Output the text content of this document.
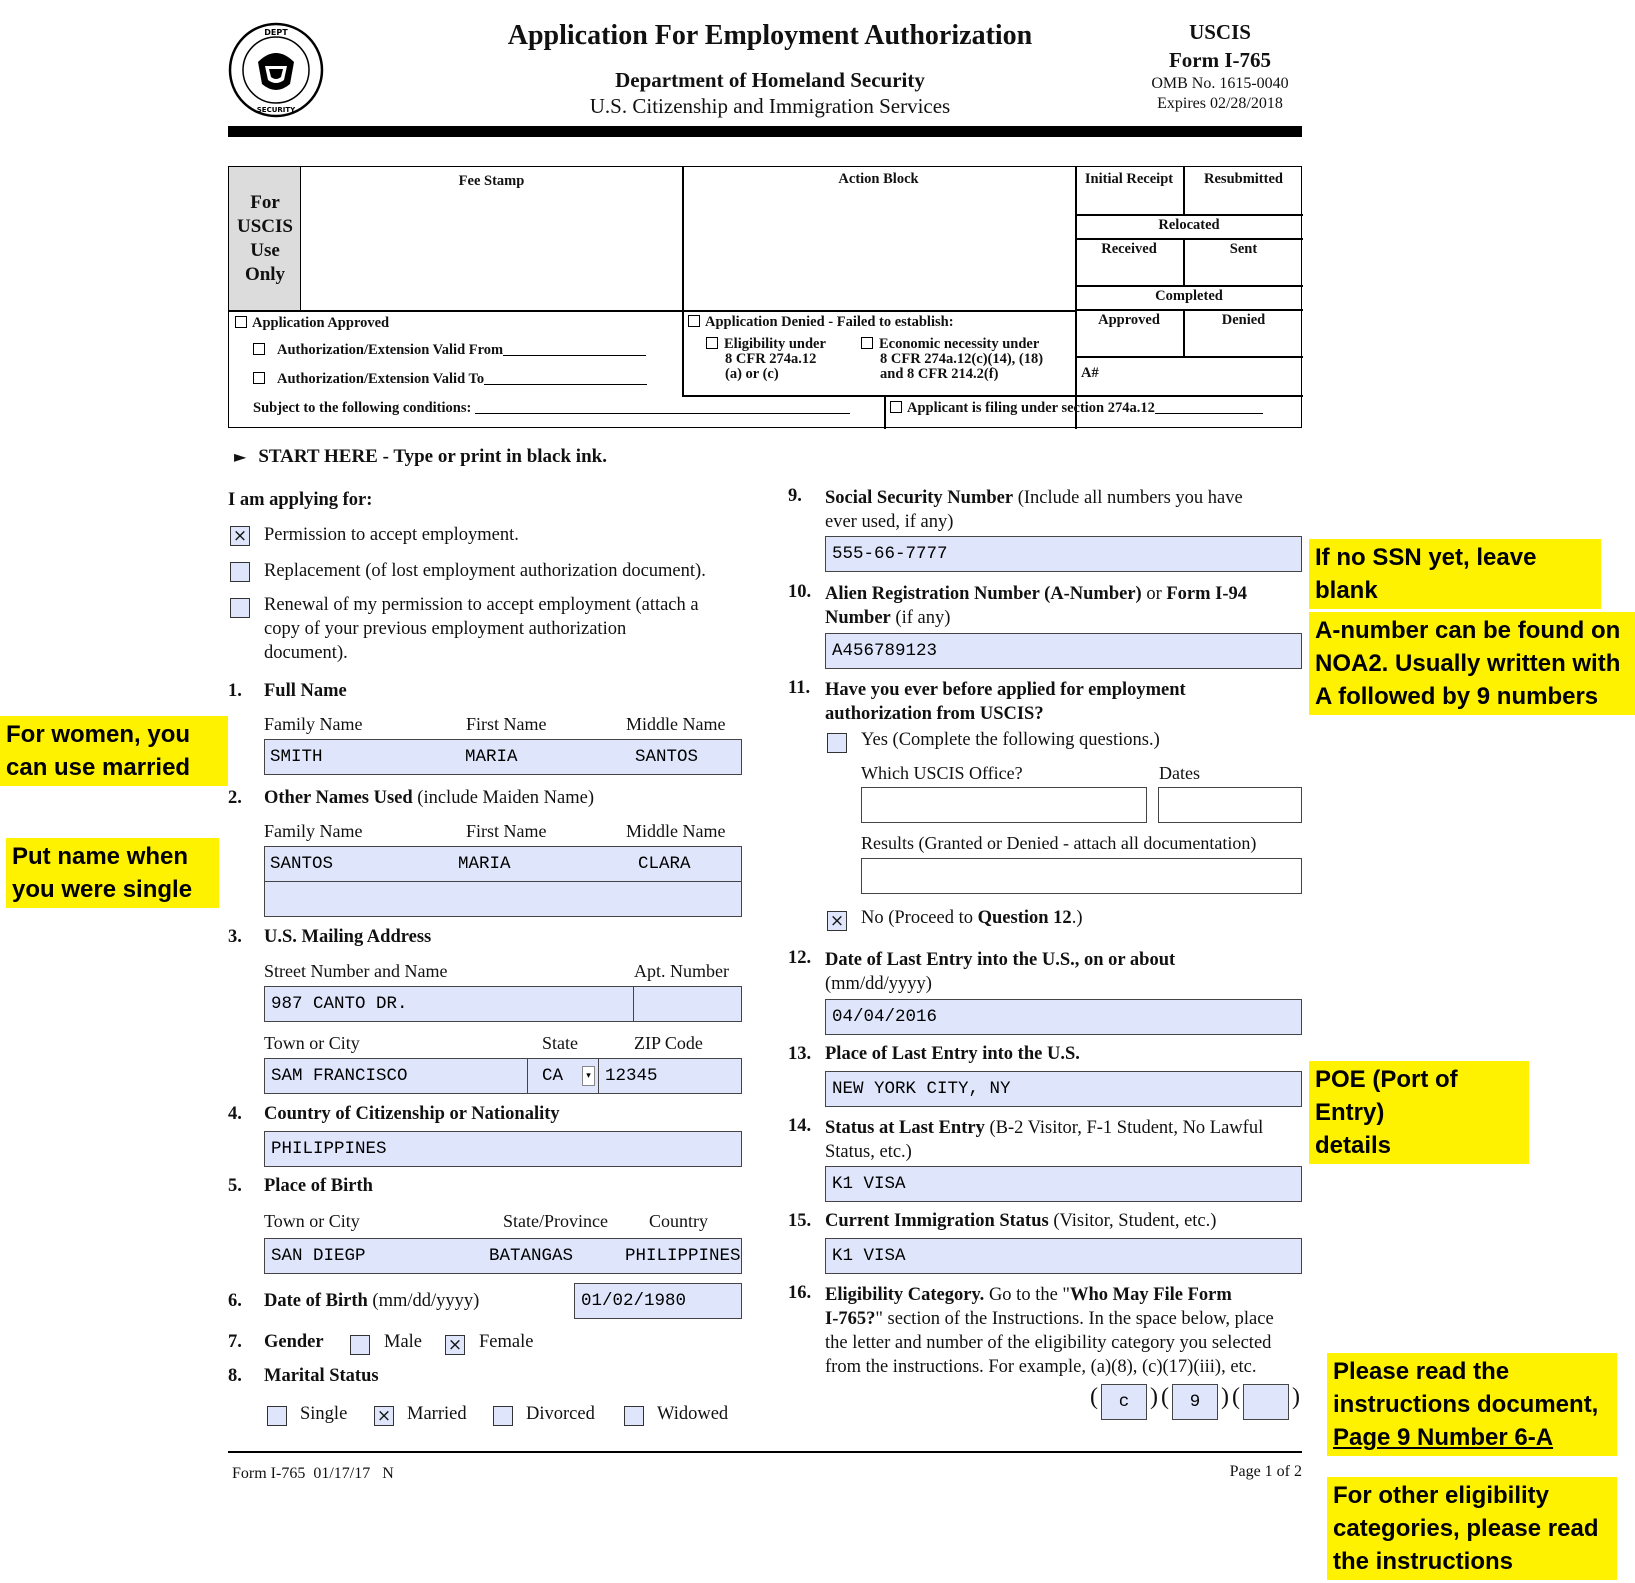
DEPT
SECURITY
Application For Employment Authorization
Department of Homeland Security
U.S. Citizenship and Immigration Services
USCIS
Form I-765
OMB No. 1615-0040
Expires 02/28/2018
For
USCIS
Use
Only
Fee Stamp	Action Block	Initial Receipt	Resubmitted
Relocated
Received	Sent
Completed
Approved	Denied
A#
Application Approved
Authorization/Extension Valid From
Authorization/Extension Valid To
Subject to the following conditions:
Application Denied - Failed to establish:
Eligibility under
8 CFR 274a.12
(a) or (c)
Economic necessity under
8 CFR 274a.12(c)(14), (18)
and 8 CFR 214.2(f)
Applicant is filing under section 274a.12
► START HERE - Type or print in black ink.
I am applying for:
× Permission to accept employment.
Replacement (of lost employment authorization document).
Renewal of my permission to accept employment (attach a
copy of your previous employment authorization
document).
1. Full Name
Family Name	First Name	Middle Name
SMITH	MARIA	SANTOS
2. Other Names Used (include Maiden Name)
Family Name	First Name	Middle Name
SANTOS	MARIA	CLARA
3. U.S. Mailing Address
Street Number and Name	Apt. Number
987 CANTO DR.
Town or City	State	ZIP Code
SAM FRANCISCO	CA	▾ 12345
4. Country of Citizenship or Nationality
PHILIPPINES
5. Place of Birth
Town or City	State/Province Country
SAN DIEGP	BATANGAS	PHILIPPINES
6. Date of Birth (mm/dd/yyyy)	01/02/1980
7. Gender	Male × Female
8. Marital Status
Single × Married	Divorced	Widowed
9. Social Security Number (Include all numbers you have
ever used, if any)
555-66-7777
10. Alien Registration Number (A-Number) or Form I-94
Number (if any)
A456789123
11. Have you ever before applied for employment
authorization from USCIS?
Yes (Complete the following questions.)
Which USCIS Office?	Dates
Results (Granted or Denied - attach all documentation)
× No (Proceed to Question 12.)
12. Date of Last Entry into the U.S., on or about
(mm/dd/yyyy)
04/04/2016
13. Place of Last Entry into the U.S.
NEW YORK CITY, NY
14. Status at Last Entry (B-2 Visitor, F-1 Student, No Lawful
Status, etc.)
K1 VISA
15. Current Immigration Status (Visitor, Student, etc.)
K1 VISA
16. Eligibility Category. Go to the "Who May File Form
I-765?" section of the Instructions. In the space below, place
the letter and number of the eligibility category you selected
from the instructions. For example, (a)(8), (c)(17)(iii), etc.
(	c ) (	9 ) ( )
Form I-765  01/17/17   N	Page 1 of 2
If no SSN yet, leave blank
A-number can be found on
NOA2. Usually written with
A followed by 9 numbers
For women, you
can use married
Put name when
you were single
POE (Port of Entry)
details
Please read the
instructions document,
Page 9 Number 6-A
For other eligibility
categories, please read
the instructions
